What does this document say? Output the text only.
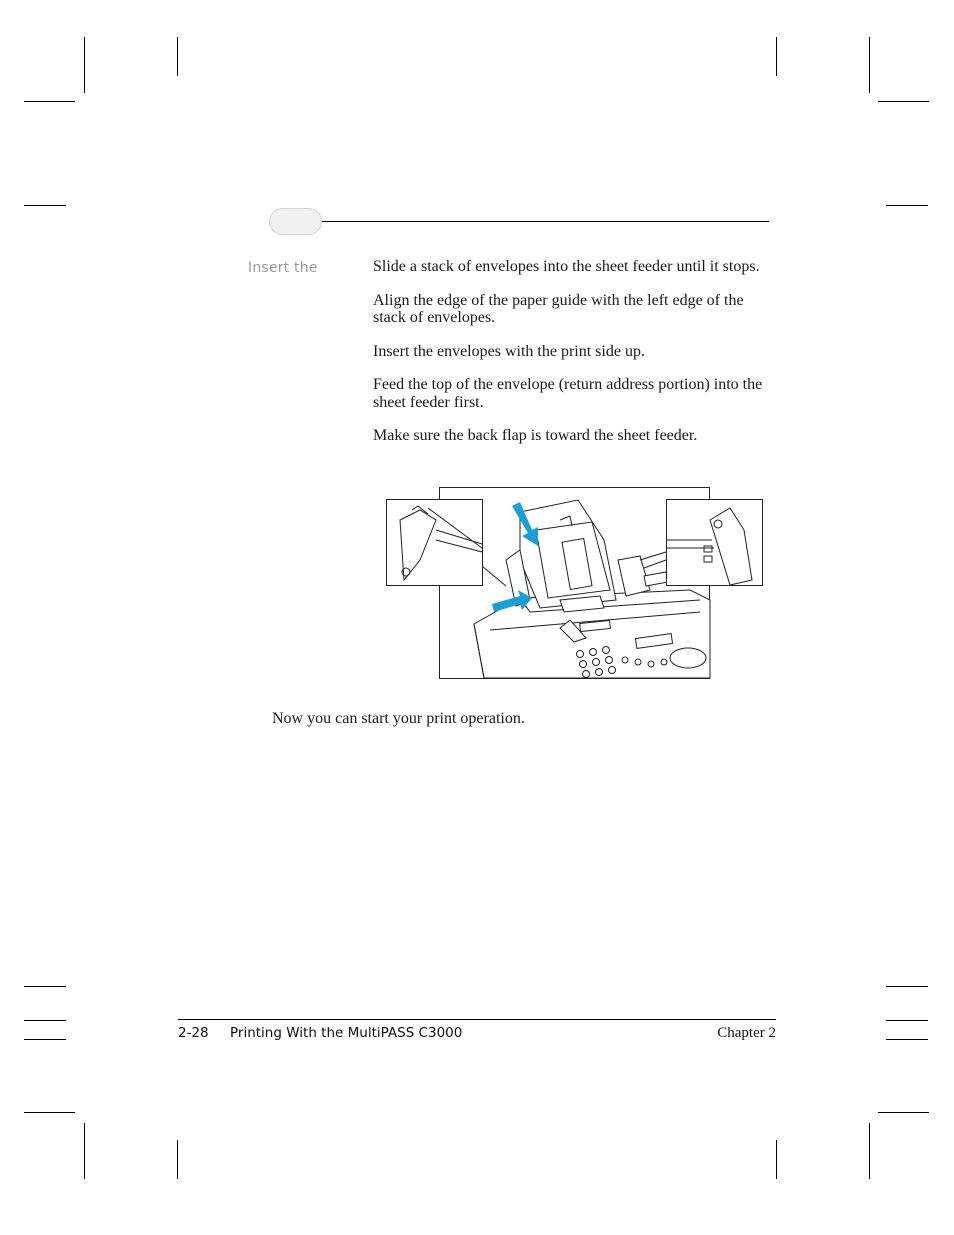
Insert the	Slide a stack of envelopes into the sheet feeder until it stops.

Align the edge of the paper guide with the left edge of the stack of envelopes.

Insert the envelopes with the print side up.

Feed the top of the envelope (return address portion) into the sheet feeder first.

Make sure the back flap is toward the sheet feeder.

Now you can start your print operation.

2-28 Printing With the MultiPASS C3000	Chapter 2
